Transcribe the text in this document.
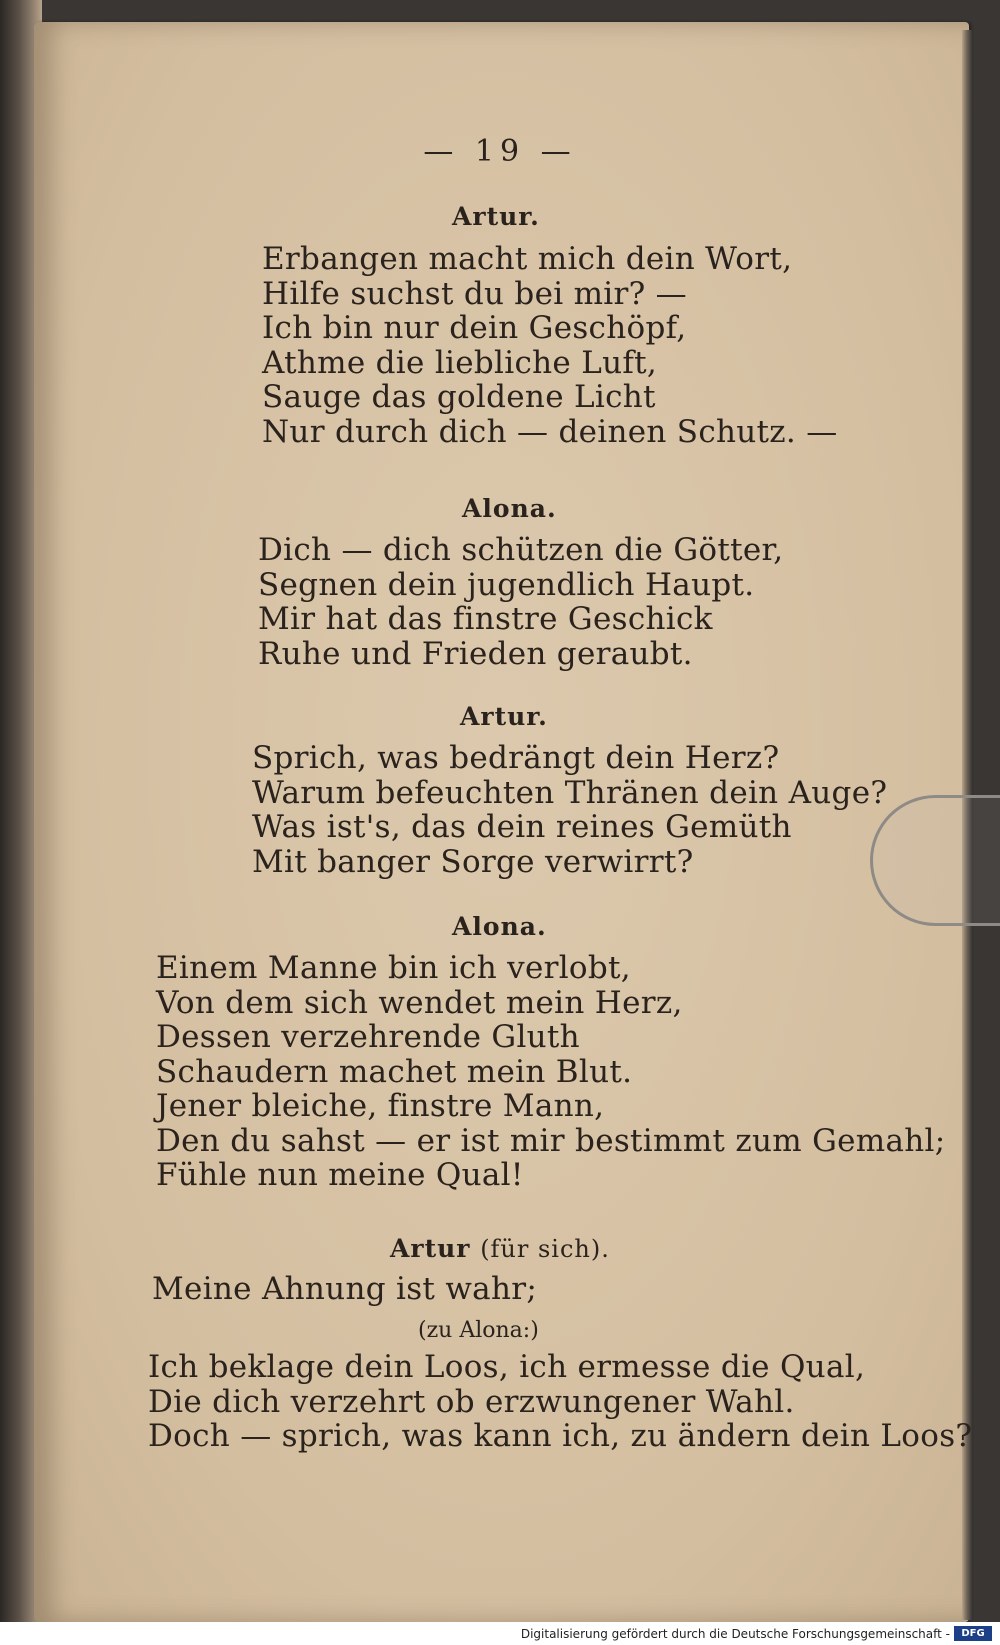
— 19 —
Artur.
Erbangen macht mich dein Wort,
Hilfe suchst du bei mir? —
Ich bin nur dein Geschöpf,
Athme die liebliche Luft,
Sauge das goldene Licht
Nur durch dich — deinen Schutz. —
Alona.
Dich — dich schützen die Götter,
Segnen dein jugendlich Haupt.
Mir hat das finstre Geschick
Ruhe und Frieden geraubt.
Artur.
Sprich, was bedrängt dein Herz?
Warum befeuchten Thränen dein Auge?
Was ist's, das dein reines Gemüth
Mit banger Sorge verwirrt?
Alona.
Einem Manne bin ich verlobt,
Von dem sich wendet mein Herz,
Dessen verzehrende Gluth
Schaudern machet mein Blut.
Jener bleiche, finstre Mann,
Den du sahst — er ist mir bestimmt zum Gemahl;
Fühle nun meine Qual!
Artur (für sich).
Meine Ahnung ist wahr;
(zu Alona:)
Ich beklage dein Loos, ich ermesse die Qual,
Die dich verzehrt ob erzwungener Wahl.
Doch — sprich, was kann ich, zu ändern dein Loos?
Digitalisierung gefördert durch die Deutsche Forschungsgemeinschaft -	DFG
